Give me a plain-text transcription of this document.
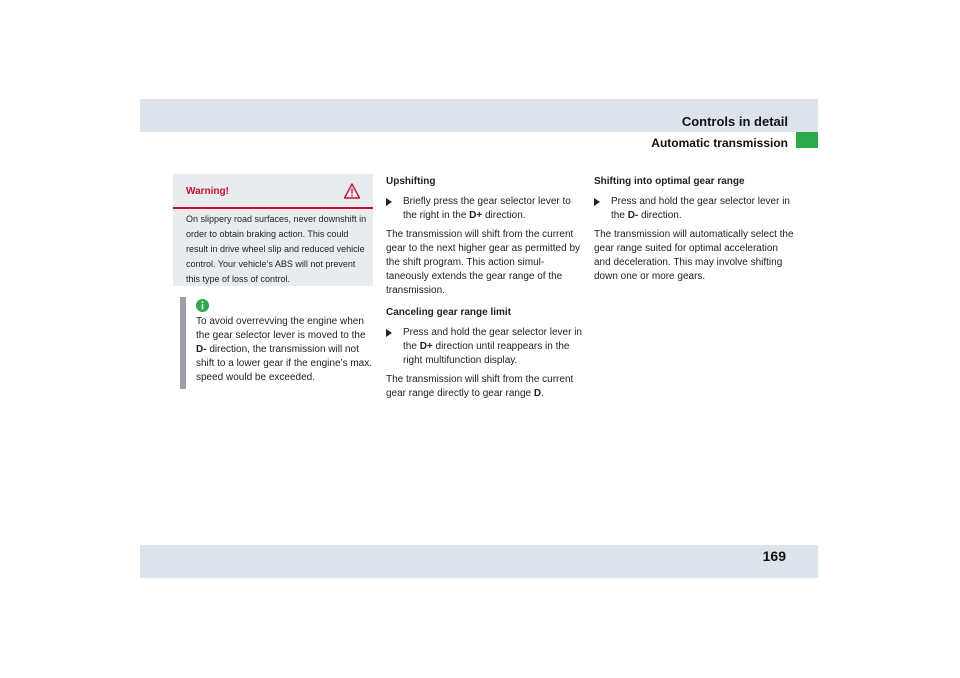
Controls in detail
Automatic transmission
Warning!
On slippery road surfaces, never downshift in order to obtain braking action. This could result in drive wheel slip and reduced vehicle control. Your vehicle’s ABS will not prevent this type of loss of control.
To avoid overrevving the engine when the gear selector lever is moved to the D- direction, the transmission will not shift to a lower gear if the engine’s max. speed would be exceeded.
Upshifting
Briefly press the gear selector lever to the right in the D+ direction.
The transmission will shift from the current gear to the next higher gear as permitted by the shift program. This action simul-taneously extends the gear range of the transmission.
Canceling gear range limit
Press and hold the gear selector lever in the D+ direction until reappears in the right multifunction display.
The transmission will shift from the current gear range directly to gear range D.
Shifting into optimal gear range
Press and hold the gear selector lever in the D- direction.
The transmission will automatically select the gear range suited for optimal acceleration and deceleration. This may involve shifting down one or more gears.
169
